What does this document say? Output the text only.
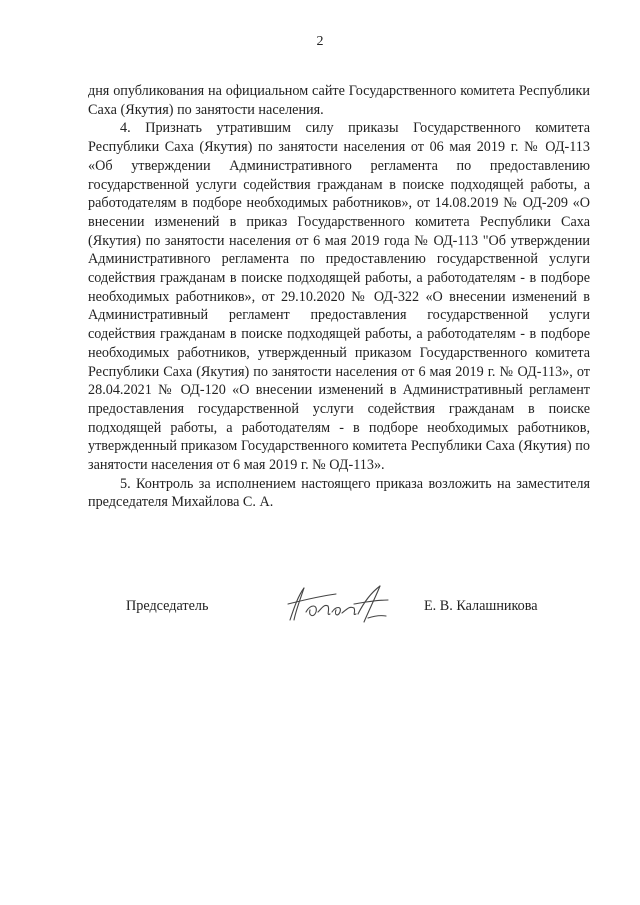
2

дня опубликования на официальном сайте Государственного комитета Республики Саха (Якутия) по занятости населения.

4. Признать утратившим силу приказы Государственного комитета Республики Саха (Якутия) по занятости населения от 06 мая 2019 г. № ОД-113 «Об утверждении Административного регламента по предоставлению государственной услуги содействия гражданам в поиске подходящей работы, а работодателям в подборе необходимых работников», от 14.08.2019 № ОД-209 «О внесении изменений в приказ Государственного комитета Республики Саха (Якутия) по занятости населения от 6 мая 2019 года № ОД-113 "Об утверждении Административного регламента по предоставлению государственной услуги содействия гражданам в поиске подходящей работы, а работодателям - в подборе необходимых работников», от 29.10.2020 № ОД-322 «О внесении изменений в Административный регламент предоставления государственной услуги содействия гражданам в поиске подходящей работы, а работодателям - в подборе необходимых работников, утвержденный приказом Государственного комитета Республики Саха (Якутия) по занятости населения от 6 мая 2019 г. № ОД-113», от 28.04.2021 № ОД-120 «О внесении изменений в Административный регламент предоставления государственной услуги содействия гражданам в поиске подходящей работы, а работодателям - в подборе необходимых работников, утвержденный приказом Государственного комитета Республики Саха (Якутия) по занятости населения от 6 мая 2019 г. № ОД-113».

5. Контроль за исполнением настоящего приказа возложить на заместителя председателя Михайлова С. А.

Председатель	Е. В. Калашникова
